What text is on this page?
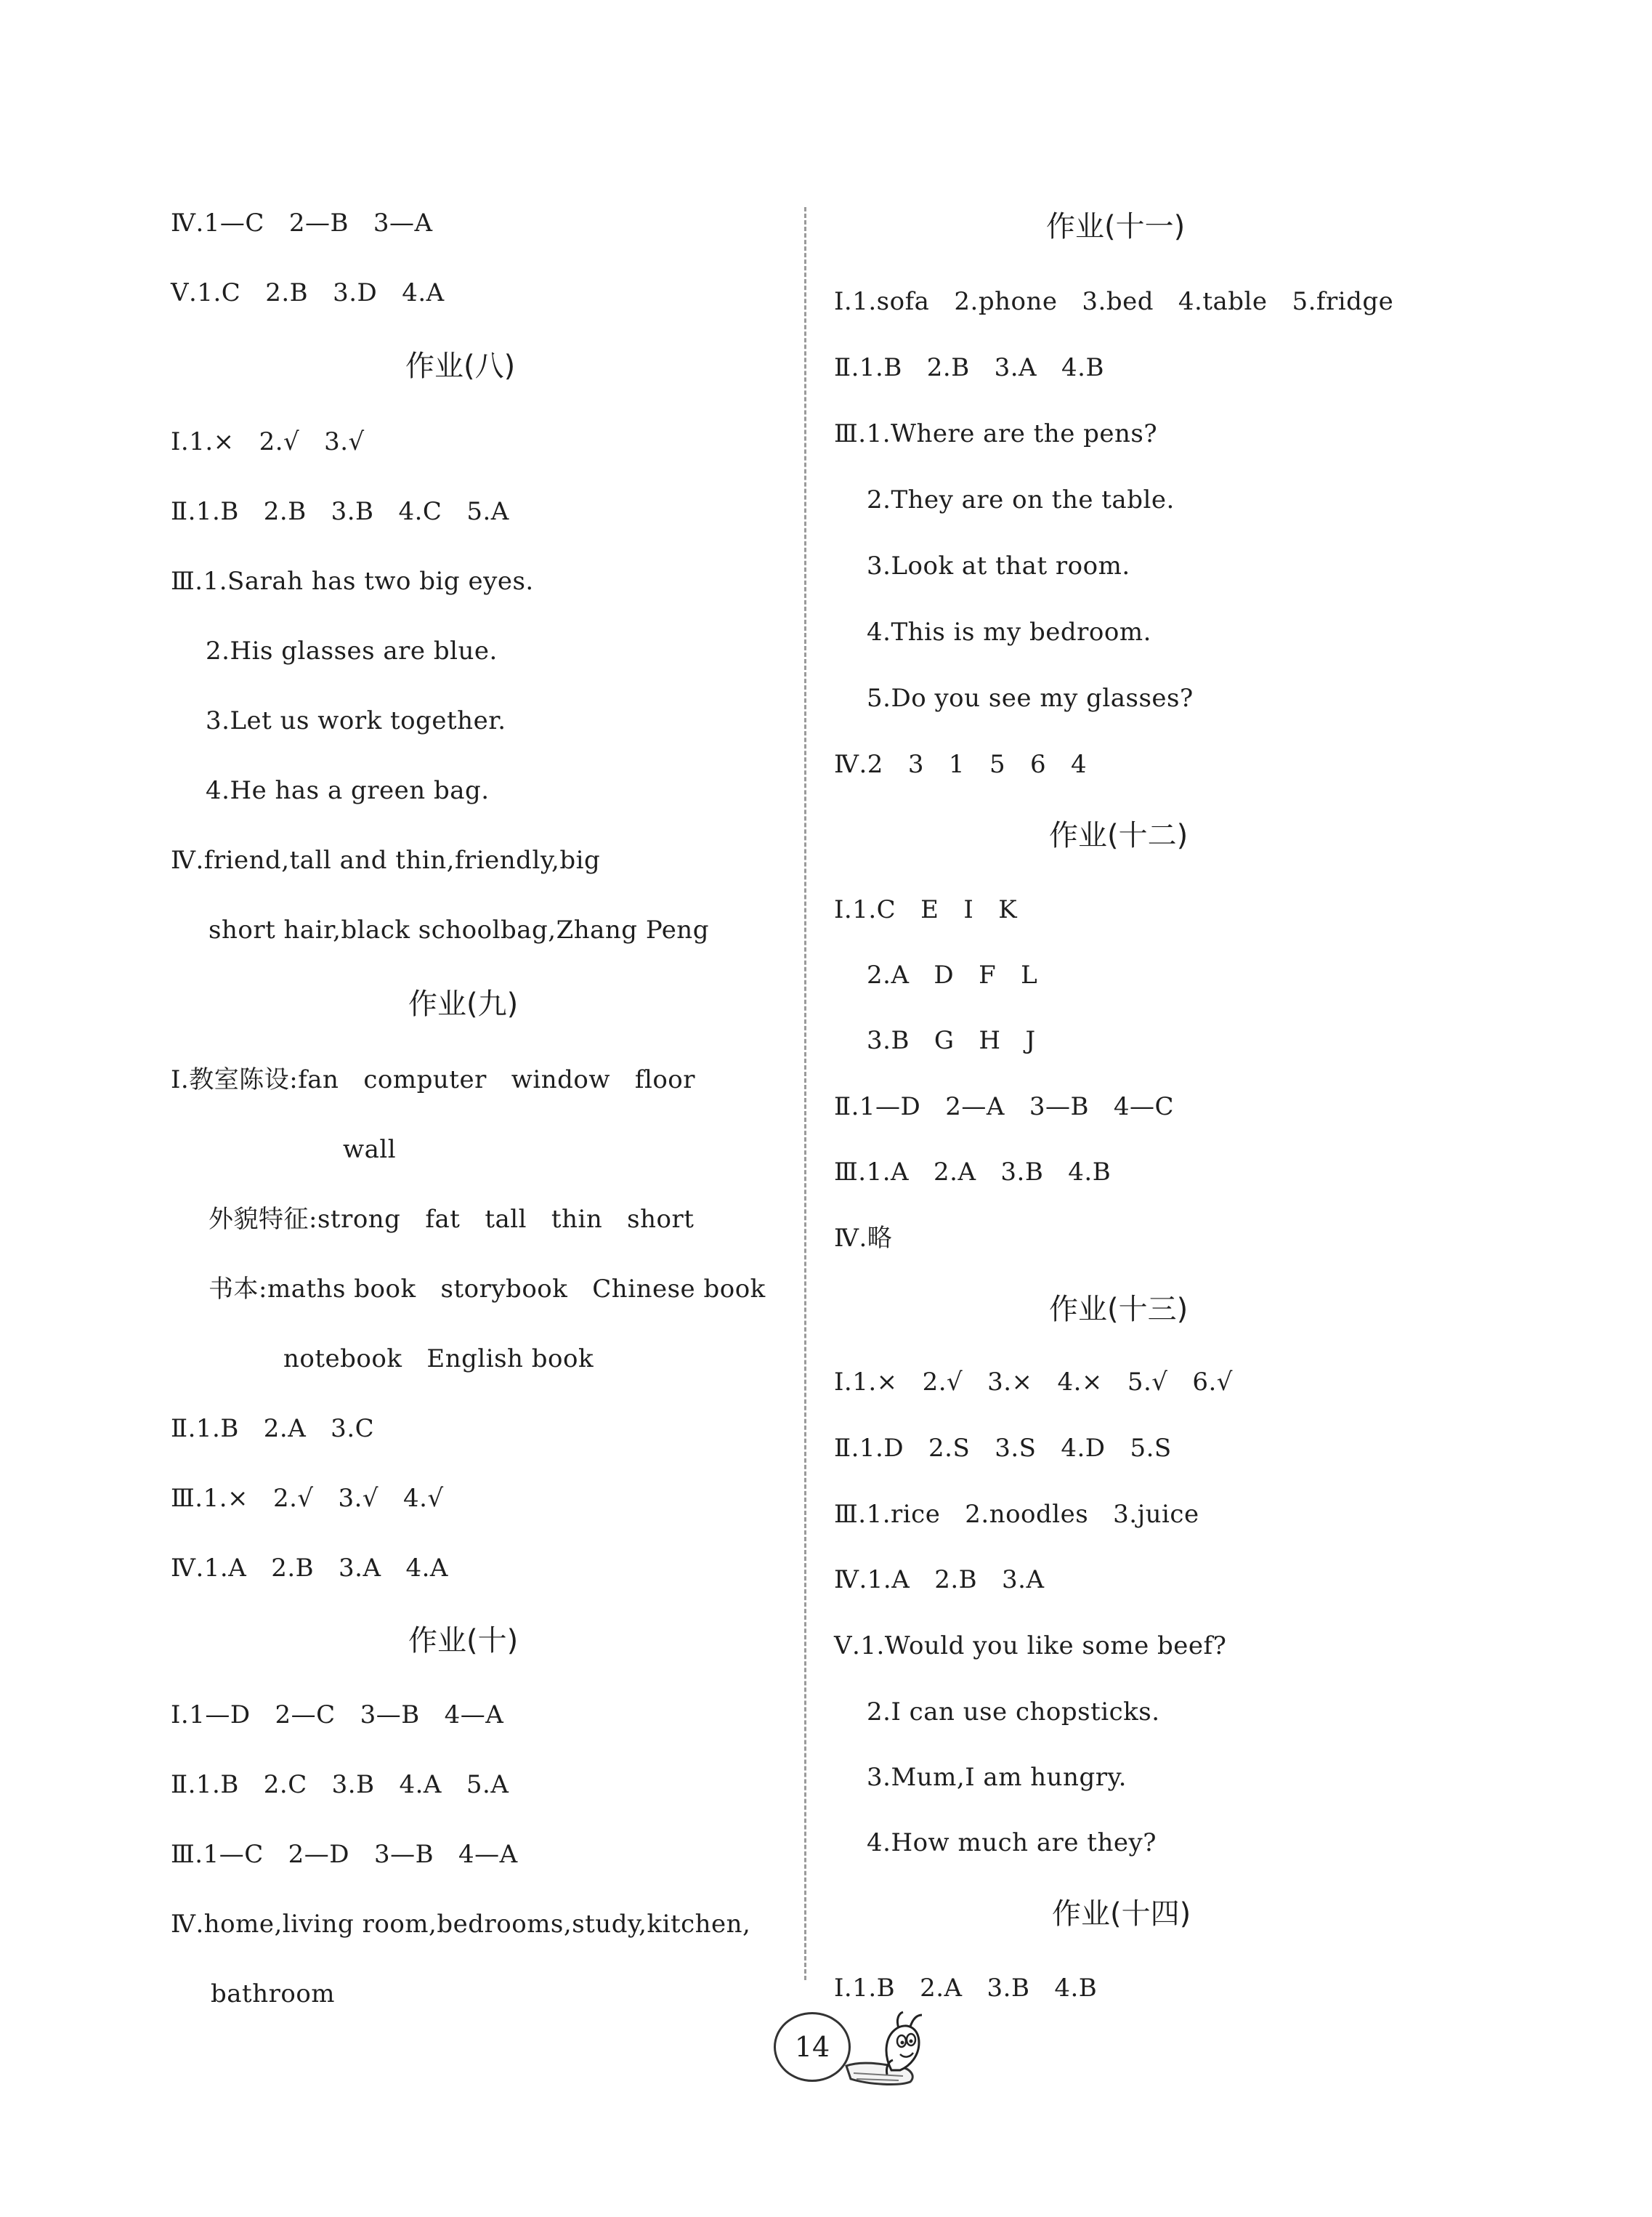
Ⅳ.1—C   2—B   3—A
Ⅴ.1.C   2.B   3.D   4.A
作业(八)
Ⅰ.1.×   2.√   3.√
Ⅱ.1.B   2.B   3.B   4.C   5.A
Ⅲ.1.Sarah has two big eyes.
2.His glasses are blue.
3.Let us work together.
4.He has a green bag.
Ⅳ.friend,tall and thin,friendly,big
short hair,black schoolbag,Zhang Peng
作业(九)
Ⅰ.教室陈设:fan   computer   window   floor
wall
外貌特征:strong   fat   tall   thin   short
书本:maths book   storybook   Chinese book
notebook   English book
Ⅱ.1.B   2.A   3.C
Ⅲ.1.×   2.√   3.√   4.√
Ⅳ.1.A   2.B   3.A   4.A
作业(十)
Ⅰ.1—D   2—C   3—B   4—A
Ⅱ.1.B   2.C   3.B   4.A   5.A
Ⅲ.1—C   2—D   3—B   4—A
Ⅳ.home,living room,bedrooms,study,kitchen,
bathroom
作业(十一)
Ⅰ.1.sofa   2.phone   3.bed   4.table   5.fridge
Ⅱ.1.B   2.B   3.A   4.B
Ⅲ.1.Where are the pens?
2.They are on the table.
3.Look at that room.
4.This is my bedroom.
5.Do you see my glasses?
Ⅳ.2   3   1   5   6   4
作业(十二)
Ⅰ.1.C   E   I   K
2.A   D   F   L
3.B   G   H   J
Ⅱ.1—D   2—A   3—B   4—C
Ⅲ.1.A   2.A   3.B   4.B
Ⅳ.略
作业(十三)
Ⅰ.1.×   2.√   3.×   4.×   5.√   6.√
Ⅱ.1.D   2.S   3.S   4.D   5.S
Ⅲ.1.rice   2.noodles   3.juice
Ⅳ.1.A   2.B   3.A
Ⅴ.1.Would you like some beef?
2.I can use chopsticks.
3.Mum,I am hungry.
4.How much are they?
作业(十四)
Ⅰ.1.B   2.A   3.B   4.B
14
